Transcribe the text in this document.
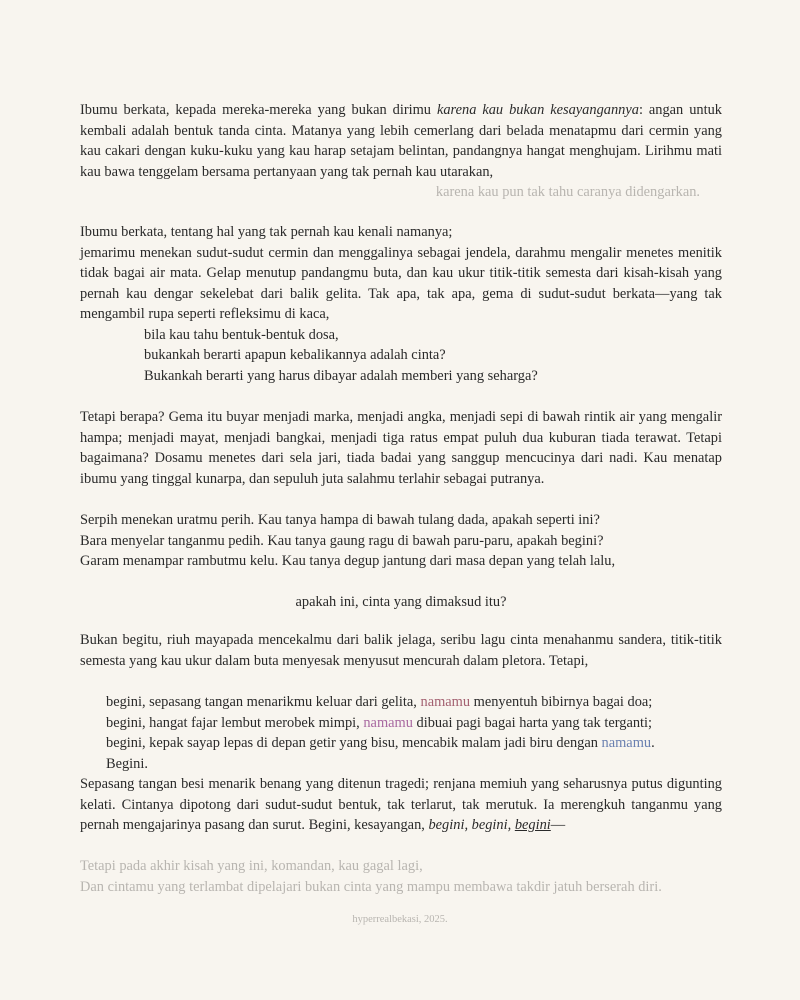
Ibumu berkata, kepada mereka-mereka yang bukan dirimu karena kau bukan kesayangannya: angan untuk kembali adalah bentuk tanda cinta. Matanya yang lebih cemerlang dari belada menatapmu dari cermin yang kau cakari dengan kuku-kuku yang kau harap setajam belintan, pandangnya hangat menghujam. Lirihmu mati kau bawa tenggelam bersama pertanyaan yang tak pernah kau utarakan,

karena kau pun tak tahu caranya didengarkan.

Ibumu berkata, tentang hal yang tak pernah kau kenali namanya;

jemarimu menekan sudut-sudut cermin dan menggalinya sebagai jendela, darahmu mengalir menetes menitik tidak bagai air mata. Gelap menutup pandangmu buta, dan kau ukur titik-titik semesta dari kisah-kisah yang pernah kau dengar sekelebat dari balik gelita. Tak apa, tak apa, gema di sudut-sudut berkata—yang tak mengambil rupa seperti refleksimu di kaca,

bila kau tahu bentuk-bentuk dosa,

bukankah berarti apapun kebalikannya adalah cinta?

Bukankah berarti yang harus dibayar adalah memberi yang seharga?

Tetapi berapa? Gema itu buyar menjadi marka, menjadi angka, menjadi sepi di bawah rintik air yang mengalir hampa; menjadi mayat, menjadi bangkai, menjadi tiga ratus empat puluh dua kuburan tiada terawat. Tetapi bagaimana? Dosamu menetes dari sela jari, tiada badai yang sanggup mencucinya dari nadi. Kau menatap ibumu yang tinggal kunarpa, dan sepuluh juta salahmu terlahir sebagai putranya.

Serpih menekan uratmu perih. Kau tanya hampa di bawah tulang dada, apakah seperti ini?

Bara menyelar tanganmu pedih. Kau tanya gaung ragu di bawah paru-paru, apakah begini?

Garam menampar rambutmu kelu. Kau tanya degup jantung dari masa depan yang telah lalu,

apakah ini, cinta yang dimaksud itu?

Bukan begitu, riuh mayapada mencekalmu dari balik jelaga, seribu lagu cinta menahanmu sandera, titik-titik semesta yang kau ukur dalam buta menyesak menyusut mencurah dalam pletora. Tetapi,

begini, sepasang tangan menarikmu keluar dari gelita, namamu menyentuh bibirnya bagai doa;

begini, hangat fajar lembut merobek mimpi, namamu dibuai pagi bagai harta yang tak terganti;

begini, kepak sayap lepas di depan getir yang bisu, mencabik malam jadi biru dengan namamu.

Begini.

Sepasang tangan besi menarik benang yang ditenun tragedi; renjana memiuh yang seharusnya putus digunting kelati. Cintanya dipotong dari sudut-sudut bentuk, tak terlarut, tak merutuk. Ia merengkuh tanganmu yang pernah mengajarinya pasang dan surut. Begini, kesayangan, begini, begini, begini—

Tetapi pada akhir kisah yang ini, komandan, kau gagal lagi,

Dan cintamu yang terlambat dipelajari bukan cinta yang mampu membawa takdir jatuh berserah diri.

hyperrealbekasi, 2025.
